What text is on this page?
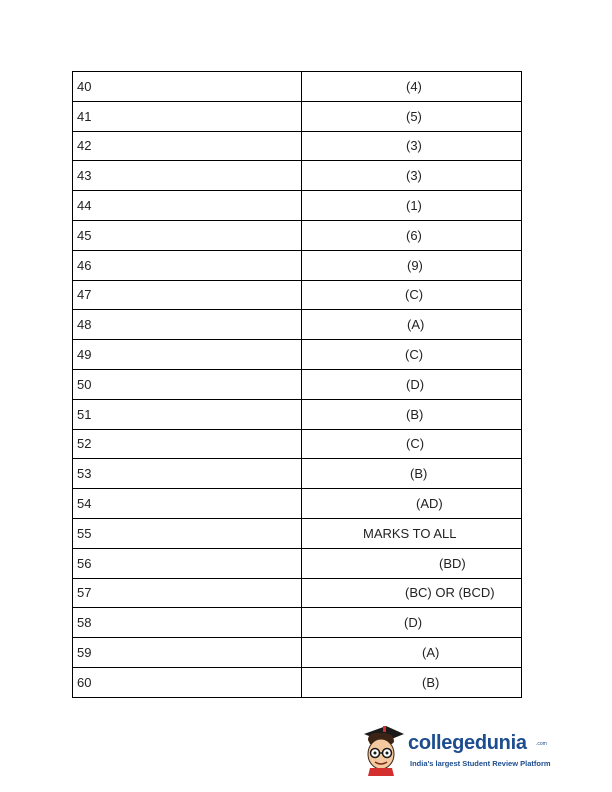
40	(4)
41	(5)
42	(3)
43	(3)
44	(1)
45	(6)
46	(9)
47	(C)
48	(A)
49	(C)
50	(D)
51	(B)
52	(C)
53	(B)
54	(AD)
55	MARKS TO ALL
56	(BD)
57	(BC) OR (BCD)
58	(D)
59	(A)
60	(B)
collegedunia .com
India's largest Student Review Platform
